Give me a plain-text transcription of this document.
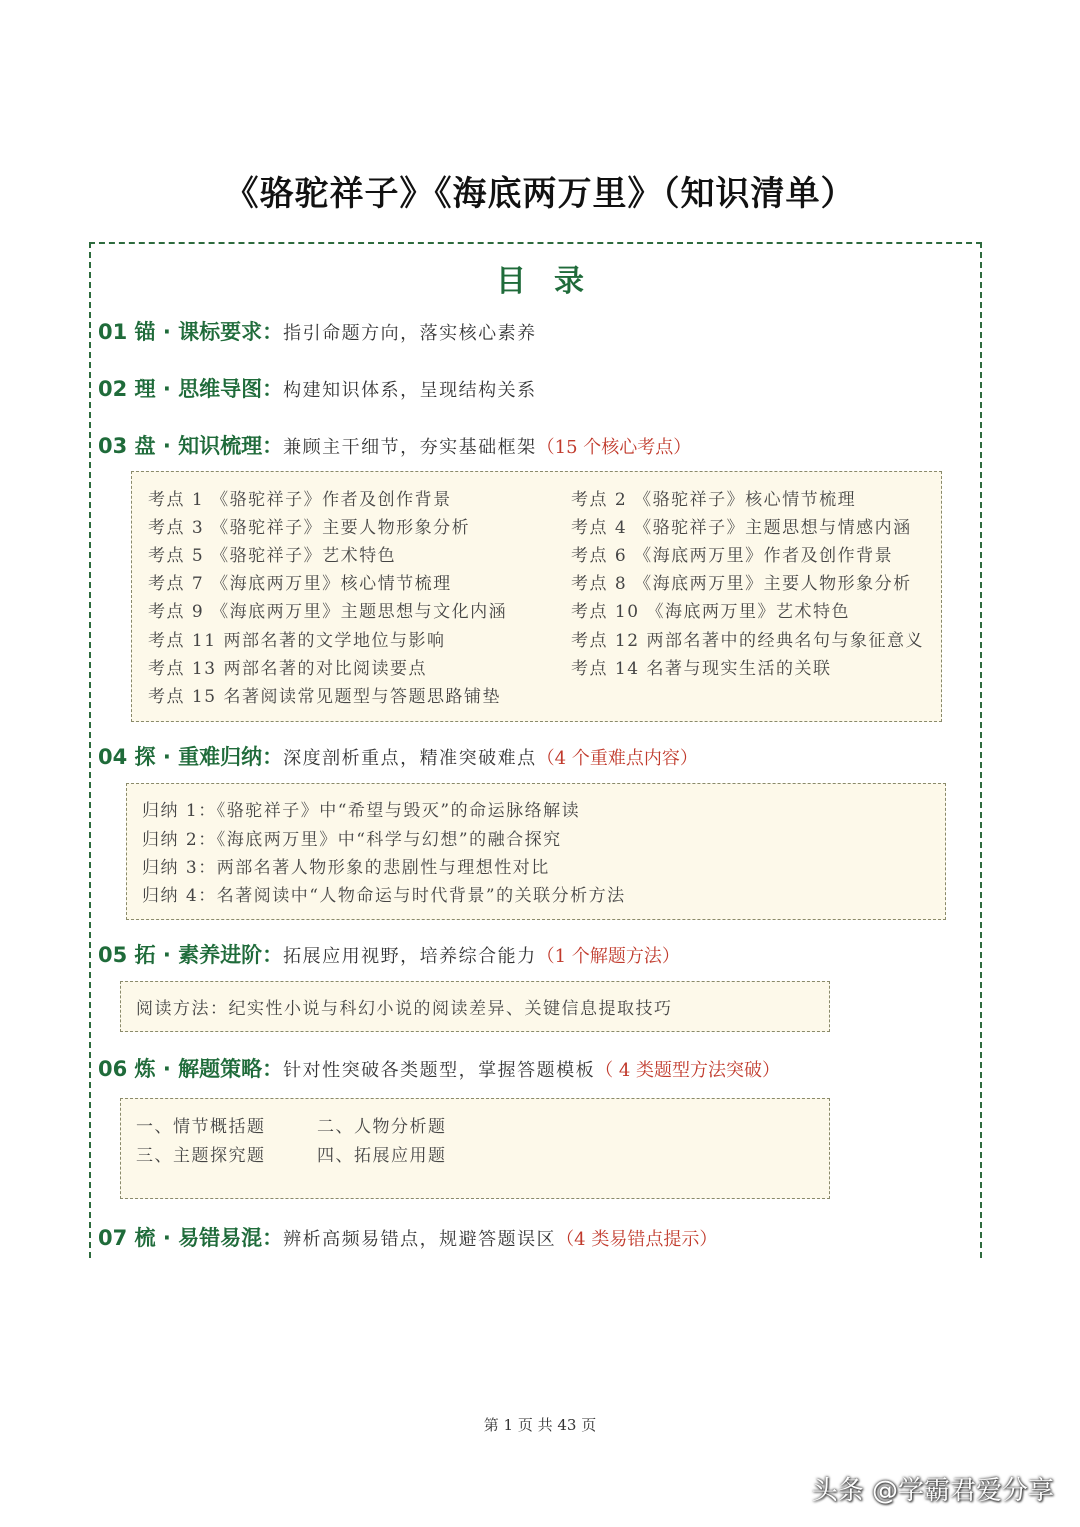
《骆驼祥子》《海底两万里》（知识清单）
目录
01 锚 · 课标要求：指引命题方向，落实核心素养
02 理 · 思维导图：构建知识体系，呈现结构关系
03 盘 · 知识梳理：兼顾主干细节，夯实基础框架（15 个核心考点）
考点 1 《骆驼祥子》作者及创作背景	考点 2 《骆驼祥子》核心情节梳理
考点 3 《骆驼祥子》主要人物形象分析	考点 4 《骆驼祥子》主题思想与情感内涵
考点 5 《骆驼祥子》艺术特色	考点 6 《海底两万里》作者及创作背景
考点 7 《海底两万里》核心情节梳理	考点 8 《海底两万里》主要人物形象分析
考点 9 《海底两万里》主题思想与文化内涵	考点 10 《海底两万里》艺术特色
考点 11 两部名著的文学地位与影响	考点 12 两部名著中的经典名句与象征意义
考点 13 两部名著的对比阅读要点	考点 14 名著与现实生活的关联
考点 15 名著阅读常见题型与答题思路铺垫
04 探 · 重难归纳：深度剖析重点，精准突破难点（4 个重难点内容）
归纳 1：《骆驼祥子》中“希望与毁灭”的命运脉络解读
归纳 2：《海底两万里》中“科学与幻想”的融合探究
归纳 3：两部名著人物形象的悲剧性与理想性对比
归纳 4：名著阅读中“人物命运与时代背景”的关联分析方法
05 拓 · 素养进阶：拓展应用视野，培养综合能力（1 个解题方法）
阅读方法：纪实性小说与科幻小说的阅读差异、关键信息提取技巧
06 炼 · 解题策略：针对性突破各类题型，掌握答题模板（ 4 类题型方法突破）
一、情节概括题	二、人物分析题
三、主题探究题	四、拓展应用题
07 梳 · 易错易混：辨析高频易错点，规避答题误区（4 类易错点提示）
第 1 页 共 43 页
头条 @学霸君爱分享
